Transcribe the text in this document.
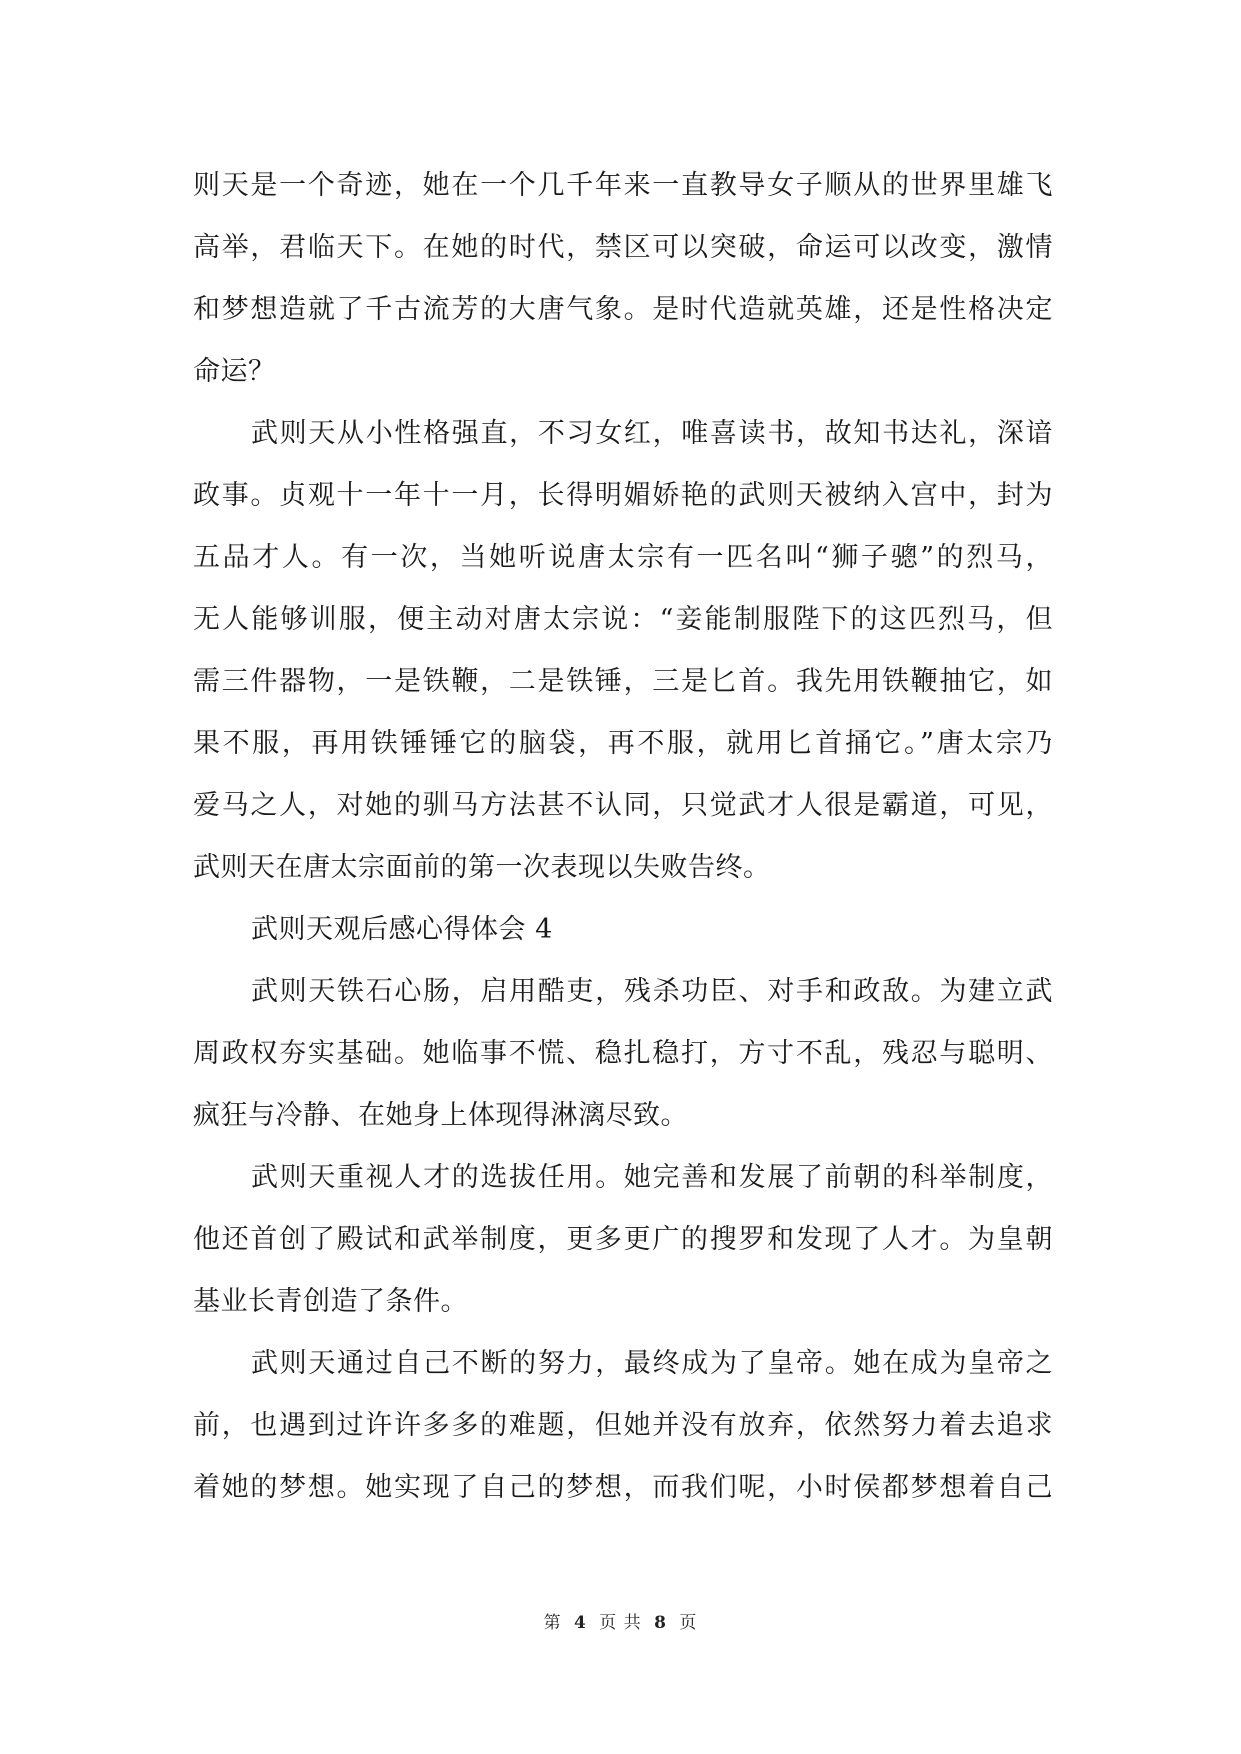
则天是一个奇迹，她在一个几千年来一直教导女子顺从的世界里雄飞
高举，君临天下。在她的时代，禁区可以突破，命运可以改变，激情
和梦想造就了千古流芳的大唐气象。是时代造就英雄，还是性格决定
命运？
武则天从小性格强直，不习女红，唯喜读书，故知书达礼，深谙
政事。贞观十一年十一月，长得明媚娇艳的武则天被纳入宫中，封为
五品才人。有一次，当她听说唐太宗有一匹名叫“狮子骢”的烈马，
无人能够训服，便主动对唐太宗说：“妾能制服陛下的这匹烈马，但
需三件器物，一是铁鞭，二是铁锤，三是匕首。我先用铁鞭抽它，如
果不服，再用铁锤锤它的脑袋，再不服，就用匕首捅它。”唐太宗乃
爱马之人，对她的驯马方法甚不认同，只觉武才人很是霸道，可见，
武则天在唐太宗面前的第一次表现以失败告终。
武则天观后感心得体会 4
武则天铁石心肠，启用酷吏，残杀功臣、对手和政敌。为建立武
周政权夯实基础。她临事不慌、稳扎稳打，方寸不乱，残忍与聪明、
疯狂与冷静、在她身上体现得淋漓尽致。
武则天重视人才的选拔任用。她完善和发展了前朝的科举制度，
他还首创了殿试和武举制度，更多更广的搜罗和发现了人才。为皇朝
基业长青创造了条件。
武则天通过自己不断的努力，最终成为了皇帝。她在成为皇帝之
前，也遇到过许许多多的难题，但她并没有放弃，依然努力着去追求
着她的梦想。她实现了自己的梦想，而我们呢，小时侯都梦想着自己
第 4 页 共 8 页
